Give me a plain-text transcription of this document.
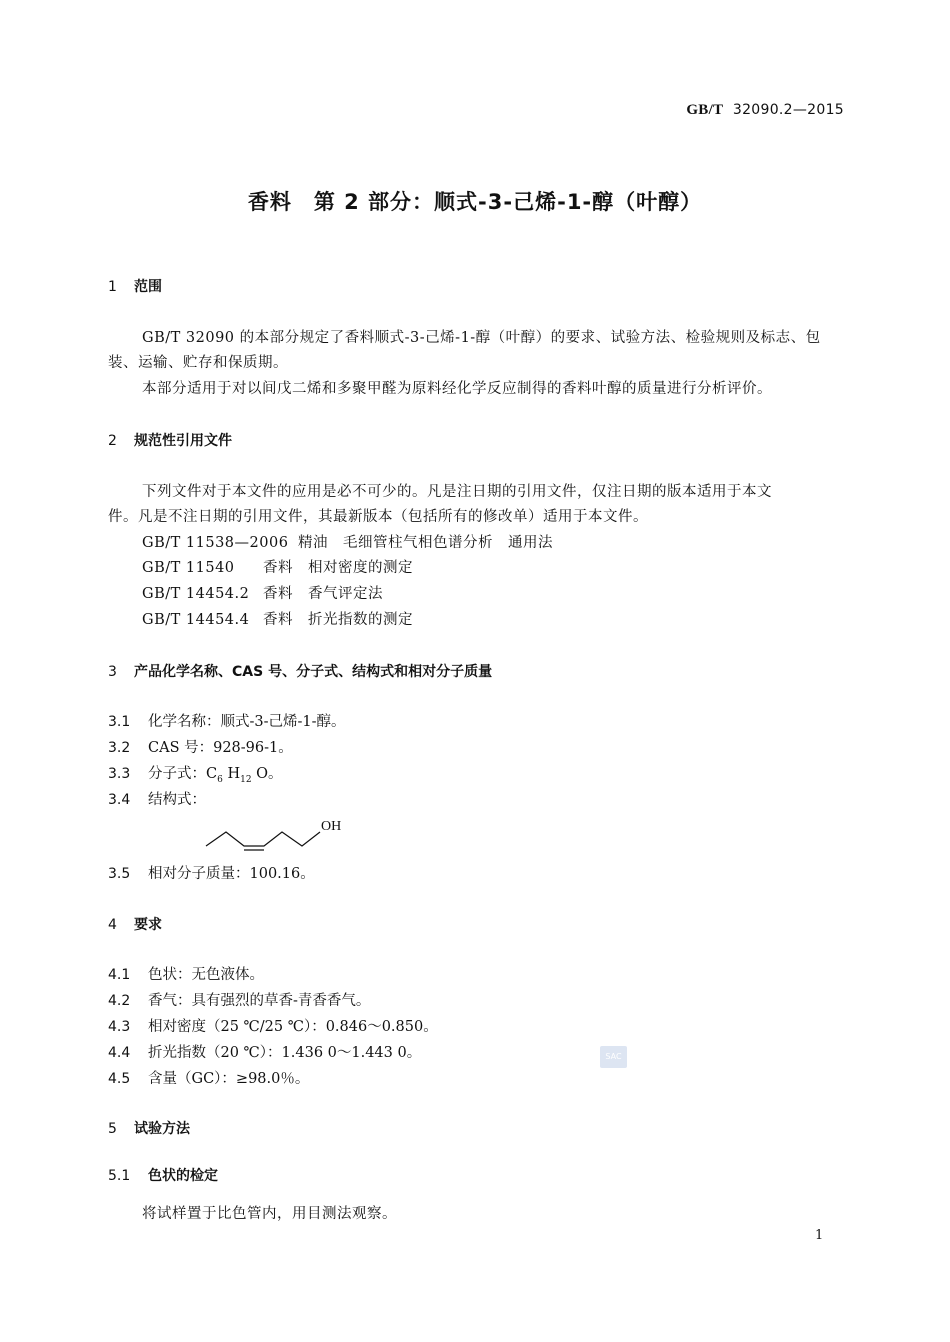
GB/T 32090.2—2015
香料　第 2 部分：顺式-3-己烯-1-醇（叶醇）
1 范围
GB/T 32090 的本部分规定了香料顺式-3-己烯-1-醇（叶醇）的要求、试验方法、检验规则及标志、包
装、运输、贮存和保质期。
本部分适用于对以间戊二烯和多聚甲醛为原料经化学反应制得的香料叶醇的质量进行分析评价。
2 规范性引用文件
下列文件对于本文件的应用是必不可少的。凡是注日期的引用文件，仅注日期的版本适用于本文
件。凡是不注日期的引用文件，其最新版本（包括所有的修改单）适用于本文件。
GB/T 11538—2006 精油　毛细管柱气相色谱分析　通用法
GB/T 11540 香料　相对密度的测定
GB/T 14454.2 香料　香气评定法
GB/T 14454.4 香料　折光指数的测定
3 产品化学名称、CAS 号、分子式、结构式和相对分子质量
3.1 化学名称：顺式-3-己烯-1-醇。
3.2 CAS 号：928-96-1。
3.3 分子式：$C_6$ $H_{12}$ O。
3.4 结构式：
OH
3.5 相对分子质量：100.16。
4 要求
4.1 色状：无色液体。
4.2 香气：具有强烈的草香-青香香气。
4.3 相对密度（25 ℃/25 ℃）：0.846～0.850。
4.4 折光指数（20 ℃）：1.436 0～1.443 0。
4.5 含量（GC）：≥98.0％。
5 试验方法
5.1 色状的检定
将试样置于比色管内，用目测法观察。
SAC
1
